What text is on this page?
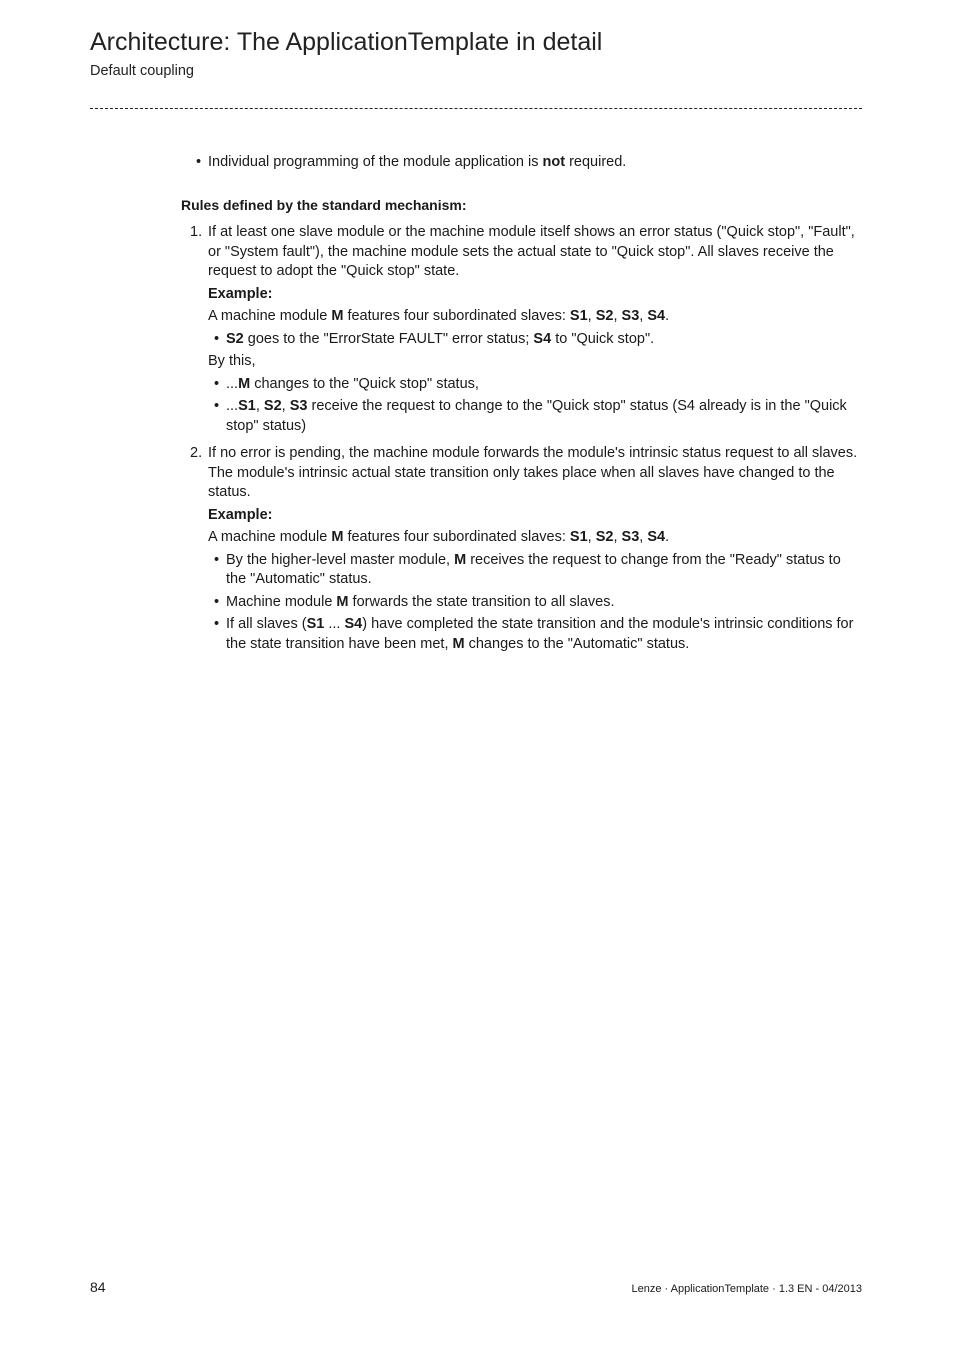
Architecture: The ApplicationTemplate in detail
Default coupling
• Individual programming of the module application is not required.
Rules defined by the standard mechanism:
1. If at least one slave module or the machine module itself shows an error status ("Quick stop", "Fault", or "System fault"), the machine module sets the actual state to "Quick stop". All slaves receive the request to adopt the "Quick stop" state.
Example:
A machine module M features four subordinated slaves: S1, S2, S3, S4.
• S2 goes to the "ErrorState FAULT" error status; S4 to "Quick stop".
By this,
• ...M changes to the "Quick stop" status,
• ...S1, S2, S3 receive the request to change to the "Quick stop" status (S4 already is in the "Quick stop" status)
2. If no error is pending, the machine module forwards the module's intrinsic status request to all slaves. The module's intrinsic actual state transition only takes place when all slaves have changed to the status.
Example:
A machine module M features four subordinated slaves: S1, S2, S3, S4.
• By the higher-level master module, M receives the request to change from the "Ready" status to the "Automatic" status.
• Machine module M forwards the state transition to all slaves.
• If all slaves (S1 ... S4) have completed the state transition and the module's intrinsic conditions for the state transition have been met, M changes to the "Automatic" status.
84	Lenze · ApplicationTemplate · 1.3 EN - 04/2013
